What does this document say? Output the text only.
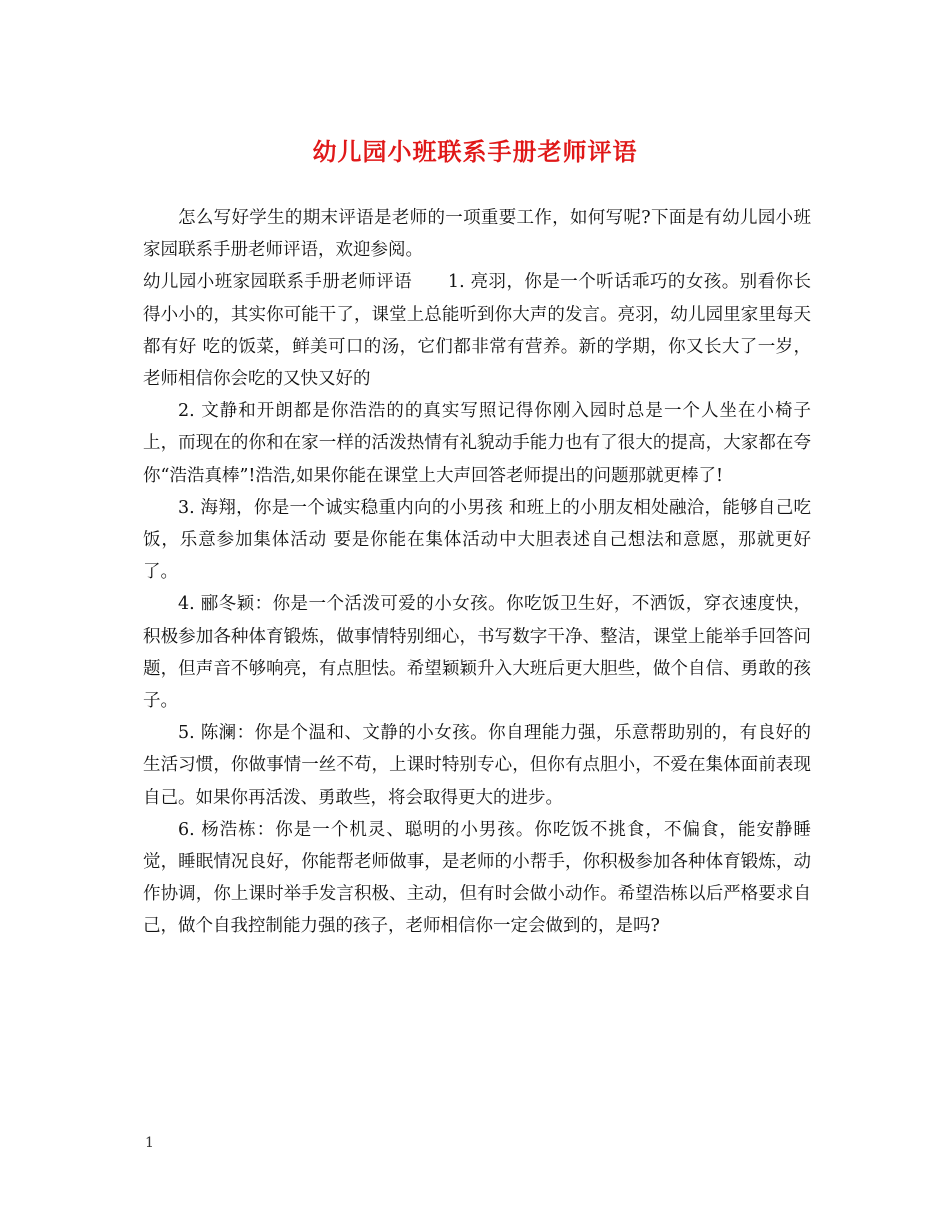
幼儿园小班联系手册老师评语

怎么写好学生的期末评语是老师的一项重要工作，如何写呢?下面是有幼儿园小班家园联系手册老师评语，欢迎参阅。

幼儿园小班家园联系手册老师评语　　1. 亮羽，你是一个听话乖巧的女孩。别看你长得小小的，其实你可能干了，课堂上总能听到你大声的发言。亮羽，幼儿园里家里每天都有好 吃的饭菜，鲜美可口的汤，它们都非常有营养。新的学期，你又长大了一岁，老师相信你会吃的又快又好的

2. 文静和开朗都是你浩浩的的真实写照记得你刚入园时总是一个人坐在小椅子上，而现在的你和在家一样的活泼热情有礼貌动手能力也有了很大的提高，大家都在夸你“浩浩真棒”!浩浩,如果你能在课堂上大声回答老师提出的问题那就更棒了!

3. 海翔，你是一个诚实稳重内向的小男孩 和班上的小朋友相处融洽，能够自己吃饭，乐意参加集体活动 要是你能在集体活动中大胆表述自己想法和意愿，那就更好了。

4. 郦冬颖：你是一个活泼可爱的小女孩。你吃饭卫生好，不洒饭，穿衣速度快，积极参加各种体育锻炼，做事情特别细心，书写数字干净、整洁，课堂上能举手回答问题，但声音不够响亮，有点胆怯。希望颖颖升入大班后更大胆些，做个自信、勇敢的孩子。

5. 陈澜：你是个温和、文静的小女孩。你自理能力强，乐意帮助别的，有良好的生活习惯，你做事情一丝不苟，上课时特别专心，但你有点胆小，不爱在集体面前表现自己。如果你再活泼、勇敢些，将会取得更大的进步。

6. 杨浩栋：你是一个机灵、聪明的小男孩。你吃饭不挑食，不偏食，能安静睡觉，睡眠情况良好，你能帮老师做事，是老师的小帮手，你积极参加各种体育锻炼，动作协调，你上课时举手发言积极、主动，但有时会做小动作。希望浩栋以后严格要求自己，做个自我控制能力强的孩子，老师相信你一定会做到的，是吗?

1
